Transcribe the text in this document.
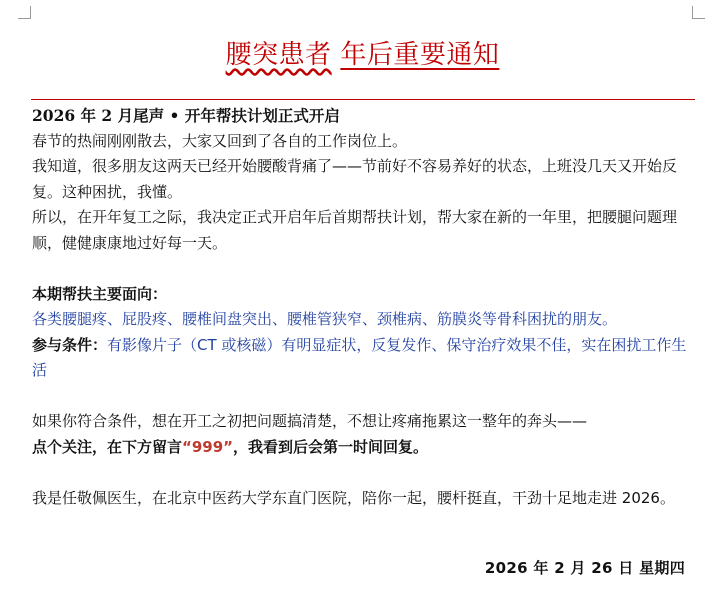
腰突患者 年后重要通知

2026 年 2 月尾声 • 开年帮扶计划正式开启

春节的热闹刚刚散去，大家又回到了各自的工作岗位上。

我知道，很多朋友这两天已经开始腰酸背痛了——节前好不容易养好的状态，上班没几天又开始反复。这种困扰，我懂。

所以，在开年复工之际，我决定正式开启年后首期帮扶计划，帮大家在新的一年里，把腰腿问题理顺，健健康康地过好每一天。

本期帮扶主要面向：

各类腰腿疼、屁股疼、腰椎间盘突出、腰椎管狭窄、颈椎病、筋膜炎等骨科困扰的朋友。

参与条件：有影像片子（CT 或核磁）有明显症状，反复发作、保守治疗效果不佳，实在困扰工作生活

如果你符合条件，想在开工之初把问题搞清楚，不想让疼痛拖累这一整年的奔头——

点个关注，在下方留言“999”，我看到后会第一时间回复。

我是任敬佩医生，在北京中医药大学东直门医院，陪你一起，腰杆挺直，干劲十足地走进 2026。

2026 年 2 月 26 日 星期四
